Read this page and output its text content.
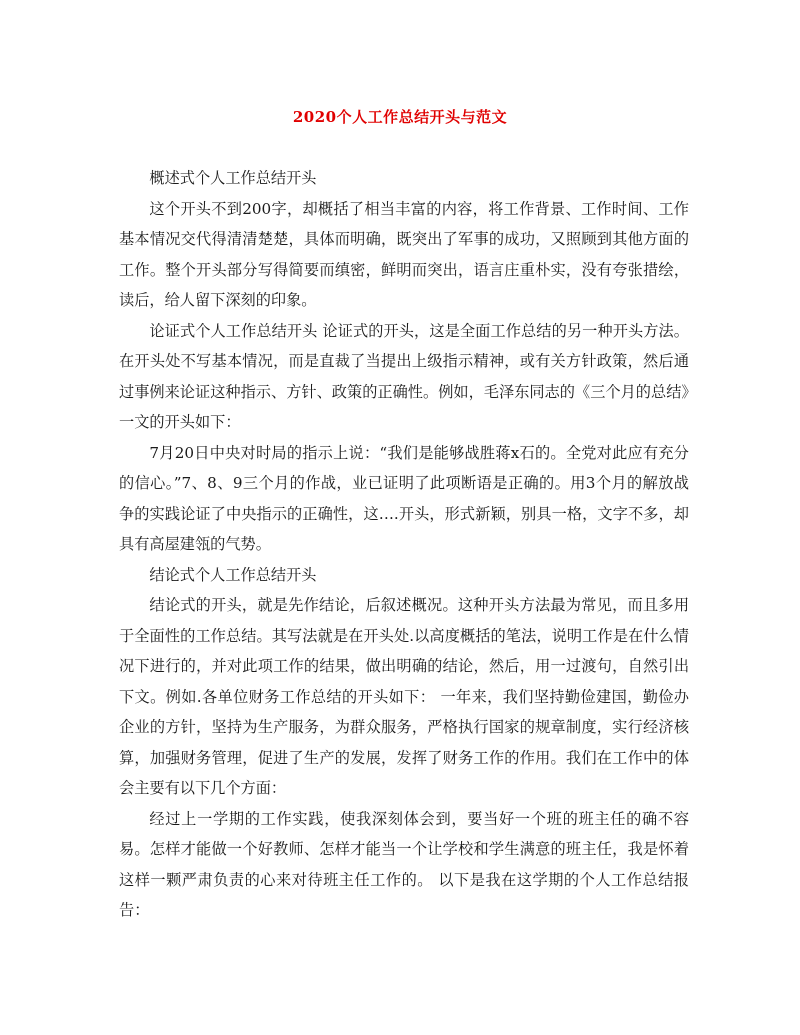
2020个人工作总结开头与范文

概述式个人工作总结开头

这个开头不到200字，却概括了相当丰富的内容，将工作背景、工作时间、工作基本情况交代得清清楚楚，具体而明确，既突出了军事的成功，又照顾到其他方面的工作。整个开头部分写得简要而缜密，鲜明而突出，语言庄重朴实，没有夸张措绘，读后，给人留下深刻的印象。

论证式个人工作总结开头 论证式的开头，这是全面工作总结的另一种开头方法。在开头处不写基本情况，而是直裁了当提出上级指示精神，或有关方针政策，然后通过事例来论证这种指示、方针、政策的正确性。例如，毛泽东同志的《三个月的总结》一文的开头如下：

7月20日中央对时局的指示上说：“我们是能够战胜蒋x石的。全党对此应有充分的信心。”7、8、9三个月的作战，业已证明了此项断语是正确的。用3个月的解放战争的实践论证了中央指示的正确性，这….开头，形式新颖，别具一格，文字不多，却具有高屋建瓴的气势。

结论式个人工作总结开头

结论式的开头，就是先作结论，后叙述概况。这种开头方法最为常见，而且多用于全面性的工作总结。其写法就是在开头处.以高度概括的笔法，说明工作是在什么情况下进行的，并对此项工作的结果，做出明确的结论，然后，用一过渡句，自然引出下文。例如.各单位财务工作总结的开头如下： 一年来，我们坚持勤俭建国，勤俭办企业的方针，坚持为生产服务，为群众服务，严格执行国家的规章制度，实行经济核算，加强财务管理，促进了生产的发展，发挥了财务工作的作用。我们在工作中的体会主要有以下几个方面：

经过上一学期的工作实践，使我深刻体会到，要当好一个班的班主任的确不容易。怎样才能做一个好教师、怎样才能当一个让学校和学生满意的班主任，我是怀着这样一颗严肃负责的心来对待班主任工作的。 以下是我在这学期的个人工作总结报告：
